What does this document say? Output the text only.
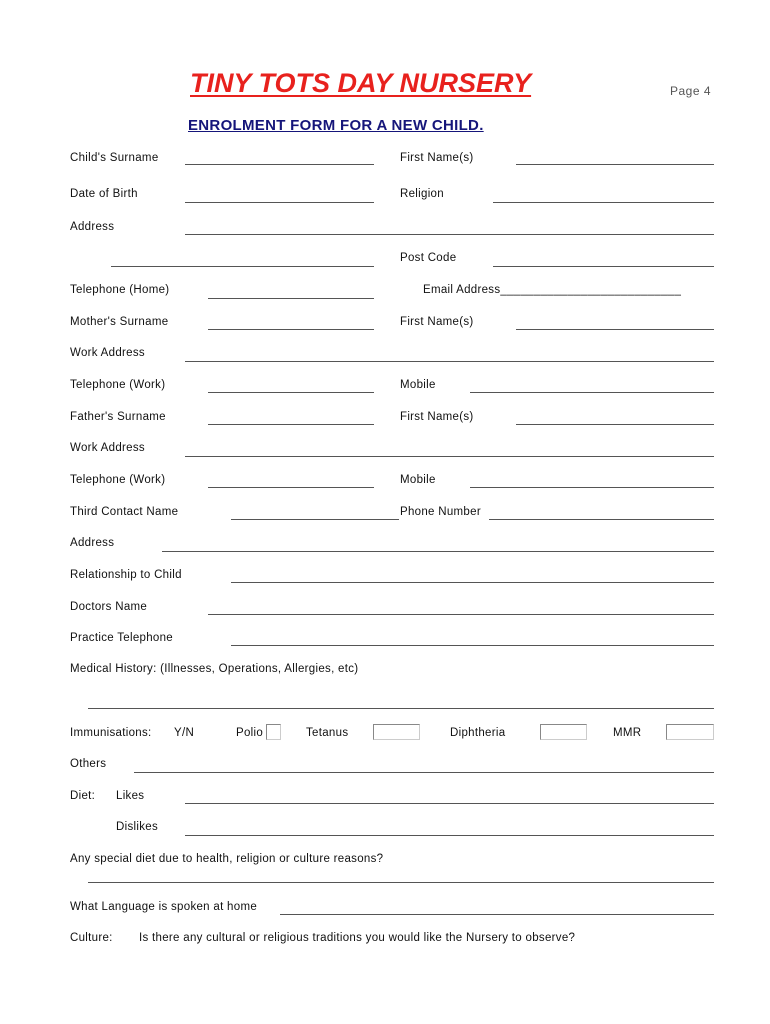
TINY TOTS DAY NURSERY	Page 4
ENROLMENT FORM FOR A NEW CHILD.
Child's Surname	First Name(s)
Date of Birth	Religion
Address
Post Code
Telephone (Home)	Email Address___________________________
Mother's Surname	First Name(s)
Work Address
Telephone (Work)	Mobile
Father's Surname	First Name(s)
Work Address
Telephone (Work)	Mobile
Third Contact Name	Phone Number
Address
Relationship to Child
Doctors Name
Practice Telephone
Medical History: (Illnesses, Operations, Allergies, etc)
Immunisations: Y/N	Polio	Tetanus	Diphtheria	MMR
Others
Diet: Likes
Dislikes
Any special diet due to health, religion or culture reasons?
What Language is spoken at home
Culture: Is there any cultural or religious traditions you would like the Nursery to observe?
